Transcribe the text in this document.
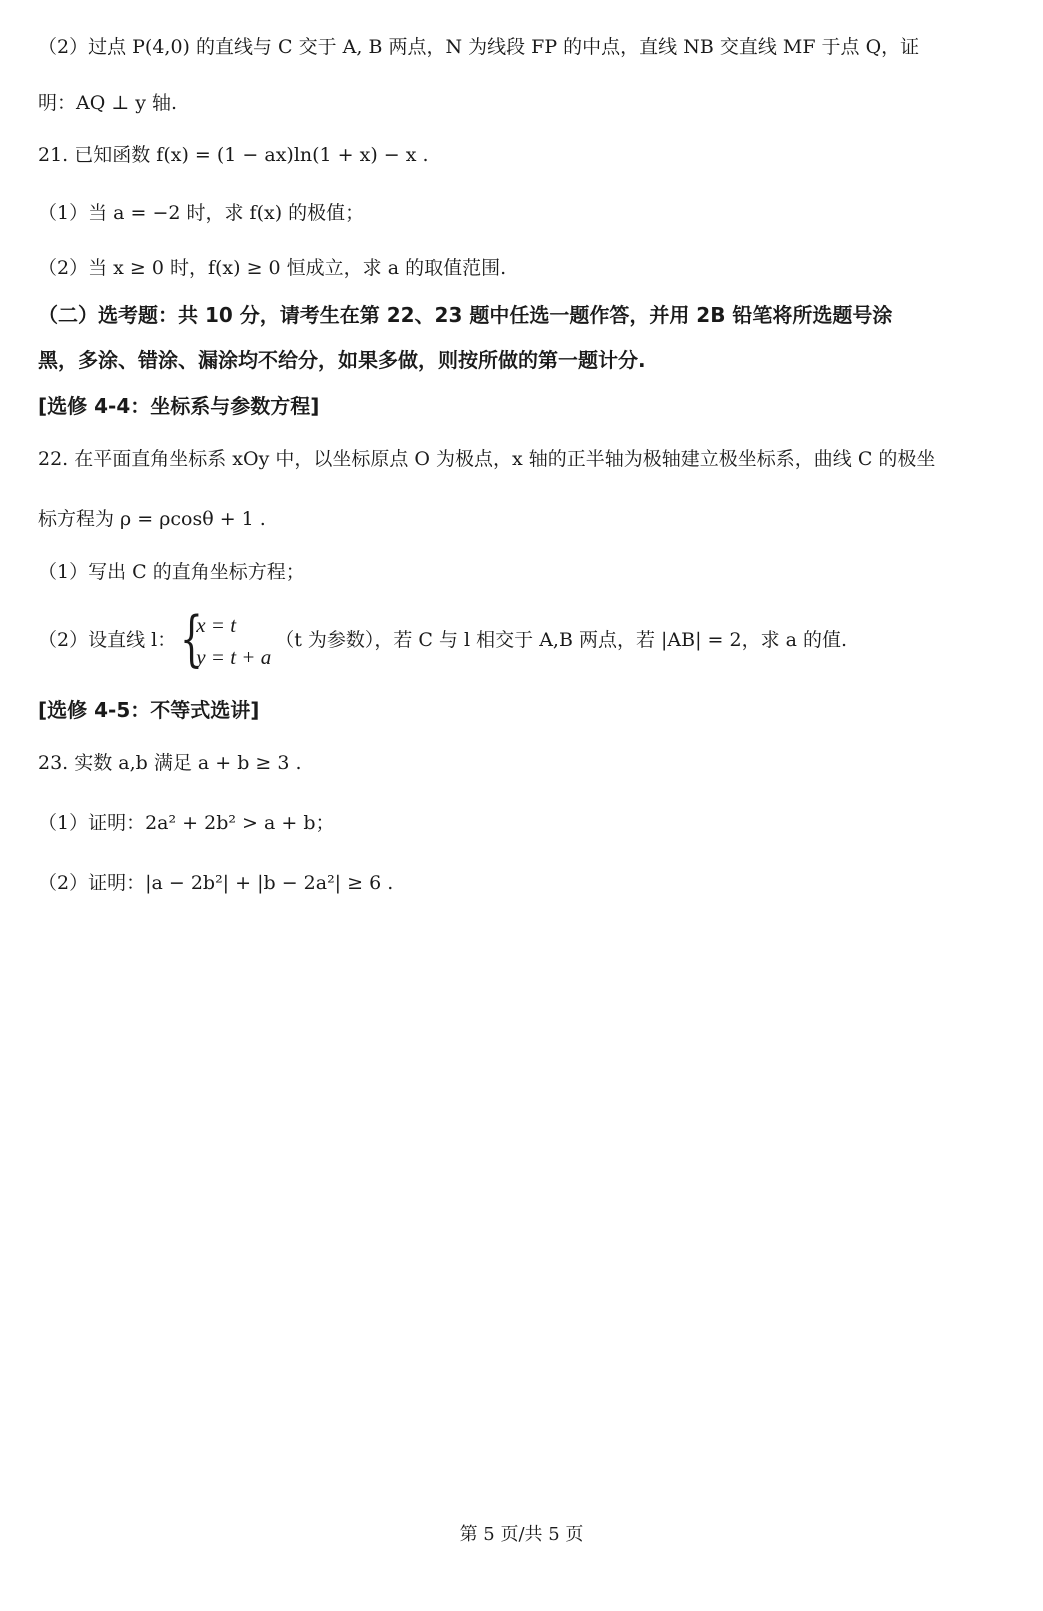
（2）过点 P(4,0) 的直线与 C 交于 A, B 两点，N 为线段 FP 的中点，直线 NB 交直线 MF 于点 Q，证
明：AQ ⊥ y 轴.
21. 已知函数 f(x) = (1 − ax)ln(1 + x) − x .
（1）当 a = −2 时，求 f(x) 的极值；
（2）当 x ≥ 0 时，f(x) ≥ 0 恒成立，求 a 的取值范围.
（二）选考题：共 10 分，请考生在第 22、23 题中任选一题作答，并用 2B 铅笔将所选题号涂
黑，多涂、错涂、漏涂均不给分，如果多做，则按所做的第一题计分.
[选修 4-4：坐标系与参数方程]
22. 在平面直角坐标系 xOy 中，以坐标原点 O 为极点，x 轴的正半轴为极轴建立极坐标系，曲线 C 的极坐
标方程为 ρ = ρcosθ + 1 .
（1）写出 C 的直角坐标方程；
（2）设直线 l： {
x = t
y = t + a
（t 为参数），若 C 与 l 相交于 A,B 两点，若 |AB| = 2，求 a 的值.
[选修 4-5：不等式选讲]
23. 实数 a,b 满足 a + b ≥ 3 .
（1）证明：2a² + 2b² > a + b；
（2）证明：|a − 2b²| + |b − 2a²| ≥ 6 .
第 5 页/共 5 页
